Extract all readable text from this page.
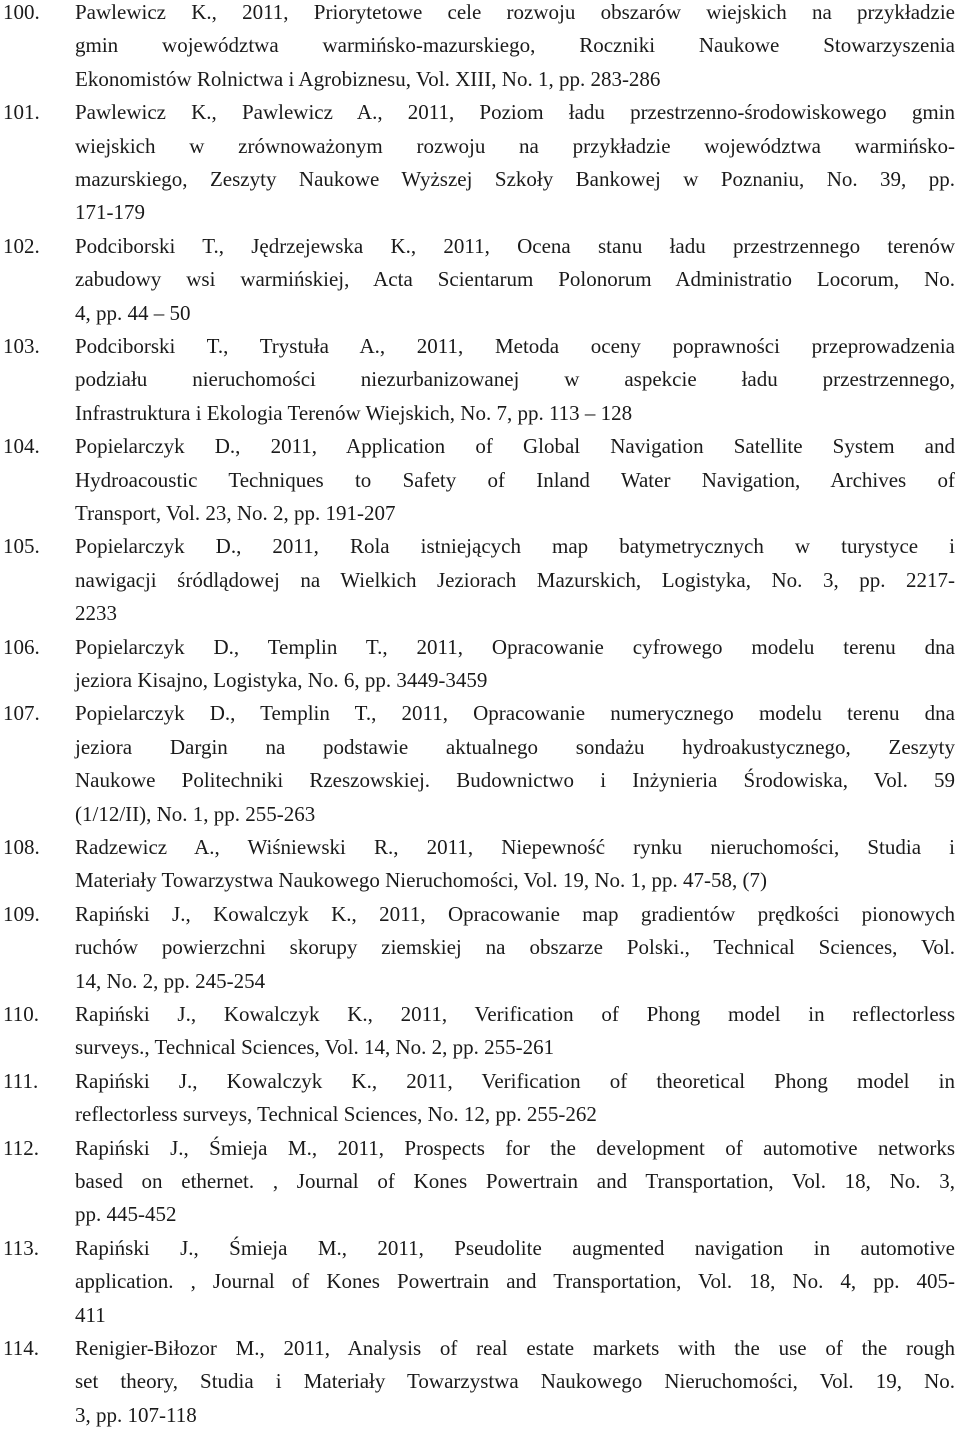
100. Pawlewicz K., 2011, Priorytetowe cele rozwoju obszarów wiejskich na przykładzie
gmin województwa warmińsko-mazurskiego, Roczniki Naukowe Stowarzyszenia
Ekonomistów Rolnictwa i Agrobiznesu, Vol. XIII, No. 1, pp. 283-286
101. Pawlewicz K., Pawlewicz A., 2011, Poziom ładu przestrzenno-środowiskowego gmin
wiejskich w zrównoważonym rozwoju na przykładzie województwa warmińsko-
mazurskiego, Zeszyty Naukowe Wyższej Szkoły Bankowej w Poznaniu, No. 39, pp.
171-179
102. Podciborski T., Jędrzejewska K., 2011, Ocena stanu ładu przestrzennego terenów
zabudowy wsi warmińskiej, Acta Scientarum Polonorum Administratio Locorum, No.
4, pp. 44 – 50
103. Podciborski T., Trystuła A., 2011, Metoda oceny poprawności przeprowadzenia
podziału nieruchomości niezurbanizowanej w aspekcie ładu przestrzennego,
Infrastruktura i Ekologia Terenów Wiejskich, No. 7, pp. 113 – 128
104. Popielarczyk D., 2011, Application of Global Navigation Satellite System and
Hydroacoustic Techniques to Safety of Inland Water Navigation, Archives of
Transport, Vol. 23, No. 2, pp. 191-207
105. Popielarczyk D., 2011, Rola istniejących map batymetrycznych w turystyce i
nawigacji śródlądowej na Wielkich Jeziorach Mazurskich, Logistyka, No. 3, pp. 2217-
2233
106. Popielarczyk D., Templin T., 2011, Opracowanie cyfrowego modelu terenu dna
jeziora Kisajno, Logistyka, No. 6, pp. 3449-3459
107. Popielarczyk D., Templin T., 2011, Opracowanie numerycznego modelu terenu dna
jeziora Dargin na podstawie aktualnego sondażu hydroakustycznego, Zeszyty
Naukowe Politechniki Rzeszowskiej. Budownictwo i Inżynieria Środowiska, Vol. 59
(1/12/II), No. 1, pp. 255-263
108. Radzewicz A., Wiśniewski R., 2011, Niepewność rynku nieruchomości, Studia i
Materiały Towarzystwa Naukowego Nieruchomości, Vol. 19, No. 1, pp. 47-58, (7)
109. Rapiński J., Kowalczyk K., 2011, Opracowanie map gradientów prędkości pionowych
ruchów powierzchni skorupy ziemskiej na obszarze Polski., Technical Sciences, Vol.
14, No. 2, pp. 245-254
110. Rapiński J., Kowalczyk K., 2011, Verification of Phong model in reflectorless
surveys., Technical Sciences, Vol. 14, No. 2, pp. 255-261
111. Rapiński J., Kowalczyk K., 2011, Verification of theoretical Phong model in
reflectorless surveys, Technical Sciences, No. 12, pp. 255-262
112. Rapiński J., Śmieja M., 2011, Prospects for the development of automotive networks
based on ethernet. , Journal of Kones Powertrain and Transportation, Vol. 18, No. 3,
pp. 445-452
113. Rapiński J., Śmieja M., 2011, Pseudolite augmented navigation in automotive
application. , Journal of Kones Powertrain and Transportation, Vol. 18, No. 4, pp. 405-
411
114. Renigier-Biłozor M., 2011, Analysis of real estate markets with the use of the rough
set theory, Studia i Materiały Towarzystwa Naukowego Nieruchomości, Vol. 19, No.
3, pp. 107-118
